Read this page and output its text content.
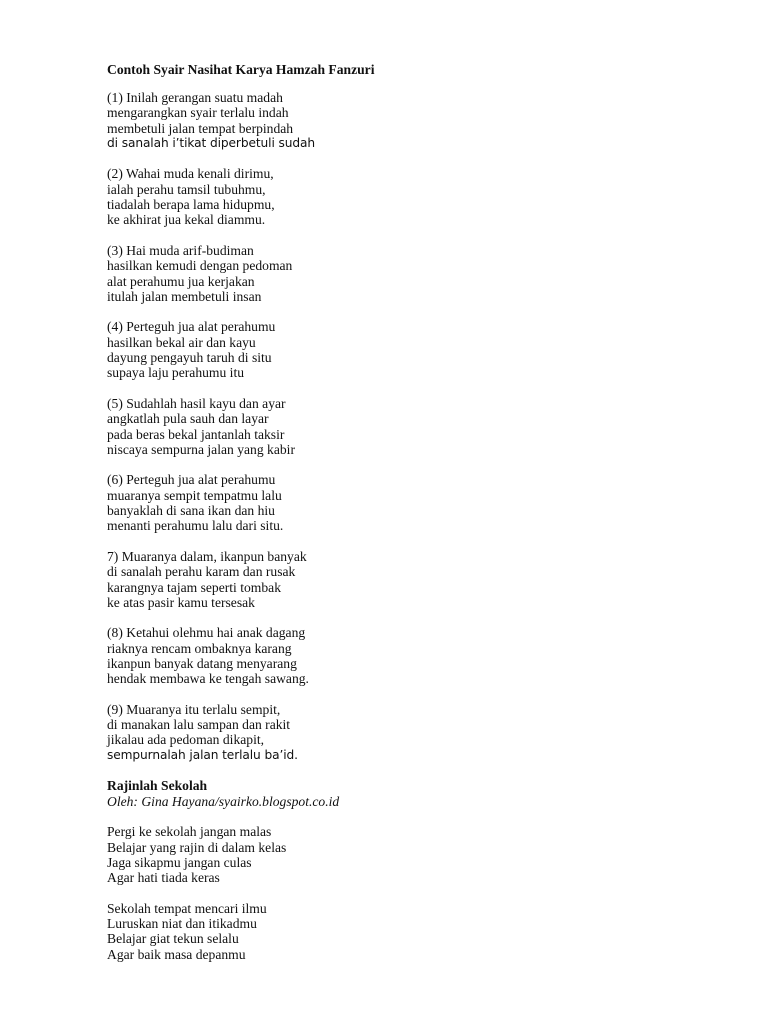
Contoh Syair Nasihat Karya Hamzah Fanzuri
(1) Inilah gerangan suatu madah
mengarangkan syair terlalu indah
membetuli jalan tempat berpindah
di sanalah i’tikat diperbetuli sudah
(2) Wahai muda kenali dirimu,
ialah perahu tamsil tubuhmu,
tiadalah berapa lama hidupmu,
ke akhirat jua kekal diammu.
(3) Hai muda arif-budiman
hasilkan kemudi dengan pedoman
alat perahumu jua kerjakan
itulah jalan membetuli insan
(4) Perteguh jua alat perahumu
hasilkan bekal air dan kayu
dayung pengayuh taruh di situ
supaya laju perahumu itu
(5) Sudahlah hasil kayu dan ayar
angkatlah pula sauh dan layar
pada beras bekal jantanlah taksir
niscaya sempurna jalan yang kabir
(6) Perteguh jua alat perahumu
muaranya sempit tempatmu lalu
banyaklah di sana ikan dan hiu
menanti perahumu lalu dari situ.
7) Muaranya dalam, ikanpun banyak
di sanalah perahu karam dan rusak
karangnya tajam seperti tombak
ke atas pasir kamu tersesak
(8) Ketahui olehmu hai anak dagang
riaknya rencam ombaknya karang
ikanpun banyak datang menyarang
hendak membawa ke tengah sawang.
(9) Muaranya itu terlalu sempit,
di manakan lalu sampan dan rakit
jikalau ada pedoman dikapit,
sempurnalah jalan terlalu ba’id.
Rajinlah Sekolah
Oleh: Gina Hayana/syairko.blogspot.co.id
Pergi ke sekolah jangan malas
Belajar yang rajin di dalam kelas
Jaga sikapmu jangan culas
Agar hati tiada keras
Sekolah tempat mencari ilmu
Luruskan niat dan itikadmu
Belajar giat tekun selalu
Agar baik masa depanmu
